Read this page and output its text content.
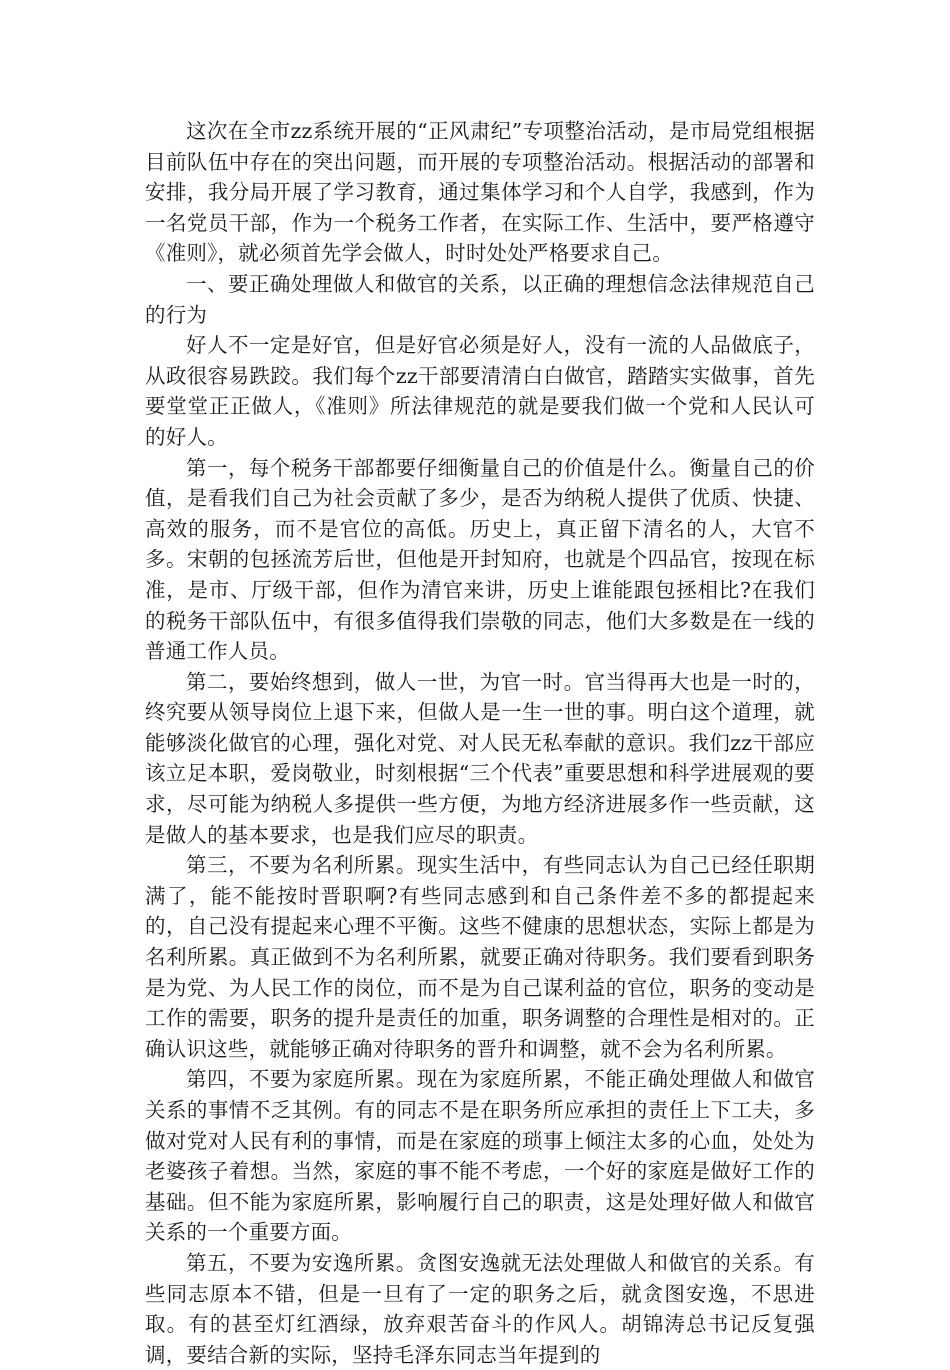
这次在全市zz系统开展的“正风肃纪”专项整治活动，是市局党组根据目前队伍中存在的突出问题，而开展的专项整治活动。根据活动的部署和安排，我分局开展了学习教育，通过集体学习和个人自学，我感到，作为一名党员干部，作为一个税务工作者，在实际工作、生活中，要严格遵守《准则》，就必须首先学会做人，时时处处严格要求自己。

一、要正确处理做人和做官的关系，以正确的理想信念法律规范自己的行为

好人不一定是好官，但是好官必须是好人，没有一流的人品做底子，从政很容易跌跤。我们每个zz干部要清清白白做官，踏踏实实做事，首先要堂堂正正做人，《准则》所法律规范的就是要我们做一个党和人民认可的好人。

第一，每个税务干部都要仔细衡量自己的价值是什么。衡量自己的价值，是看我们自己为社会贡献了多少，是否为纳税人提供了优质、快捷、高效的服务，而不是官位的高低。历史上，真正留下清名的人，大官不多。宋朝的包拯流芳后世，但他是开封知府，也就是个四品官，按现在标准，是市、厅级干部，但作为清官来讲，历史上谁能跟包拯相比?在我们的税务干部队伍中，有很多值得我们崇敬的同志，他们大多数是在一线的普通工作人员。

第二，要始终想到，做人一世，为官一时。官当得再大也是一时的，终究要从领导岗位上退下来，但做人是一生一世的事。明白这个道理，就能够淡化做官的心理，强化对党、对人民无私奉献的意识。我们zz干部应该立足本职，爱岗敬业，时刻根据“三个代表”重要思想和科学进展观的要求，尽可能为纳税人多提供一些方便，为地方经济进展多作一些贡献，这是做人的基本要求，也是我们应尽的职责。

第三，不要为名利所累。现实生活中，有些同志认为自己已经任职期满了，能不能按时晋职啊?有些同志感到和自己条件差不多的都提起来的，自己没有提起来心理不平衡。这些不健康的思想状态，实际上都是为名利所累。真正做到不为名利所累，就要正确对待职务。我们要看到职务是为党、为人民工作的岗位，而不是为自己谋利益的官位，职务的变动是工作的需要，职务的提升是责任的加重，职务调整的合理性是相对的。正确认识这些，就能够正确对待职务的晋升和调整，就不会为名利所累。

第四，不要为家庭所累。现在为家庭所累，不能正确处理做人和做官关系的事情不乏其例。有的同志不是在职务所应承担的责任上下工夫，多做对党对人民有利的事情，而是在家庭的琐事上倾注太多的心血，处处为老婆孩子着想。当然，家庭的事不能不考虑，一个好的家庭是做好工作的基础。但不能为家庭所累，影响履行自己的职责，这是处理好做人和做官关系的一个重要方面。

第五，不要为安逸所累。贪图安逸就无法处理做人和做官的关系。有些同志原本不错，但是一旦有了一定的职务之后，就贪图安逸，不思进取。有的甚至灯红酒绿，放弃艰苦奋斗的作风人。胡锦涛总书记反复强调，要结合新的实际，坚持毛泽东同志当年提到的
